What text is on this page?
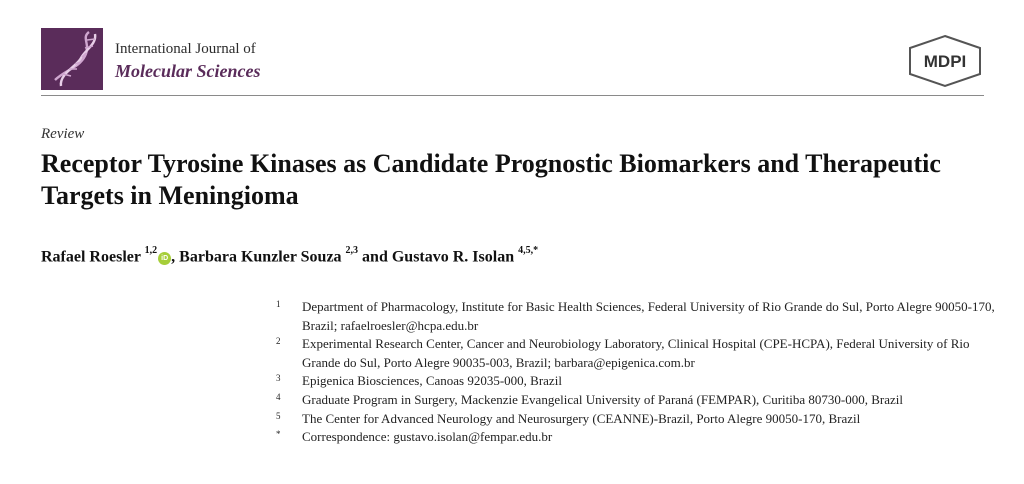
International Journal of
Molecular Sciences	MDPI
Review
Receptor Tyrosine Kinases as Candidate Prognostic Biomarkers and Therapeutic Targets in Meningioma
Rafael Roesler $^{1,2}$iD , Barbara Kunzler Souza $^{2,3}$ and Gustavo R. Isolan $^{4,5,*}$
1 Department of Pharmacology, Institute for Basic Health Sciences, Federal University of Rio Grande do Sul, Porto Alegre 90050-170, Brazil; rafaelroesler@hcpa.edu.br
2 Experimental Research Center, Cancer and Neurobiology Laboratory, Clinical Hospital (CPE-HCPA), Federal University of Rio Grande do Sul, Porto Alegre 90035-003, Brazil; barbara@epigenica.com.br
3 Epigenica Biosciences, Canoas 92035-000, Brazil
4 Graduate Program in Surgery, Mackenzie Evangelical University of Paraná (FEMPAR), Curitiba 80730-000, Brazil
5 The Center for Advanced Neurology and Neurosurgery (CEANNE)-Brazil, Porto Alegre 90050-170, Brazil
* Correspondence: gustavo.isolan@fempar.edu.br
